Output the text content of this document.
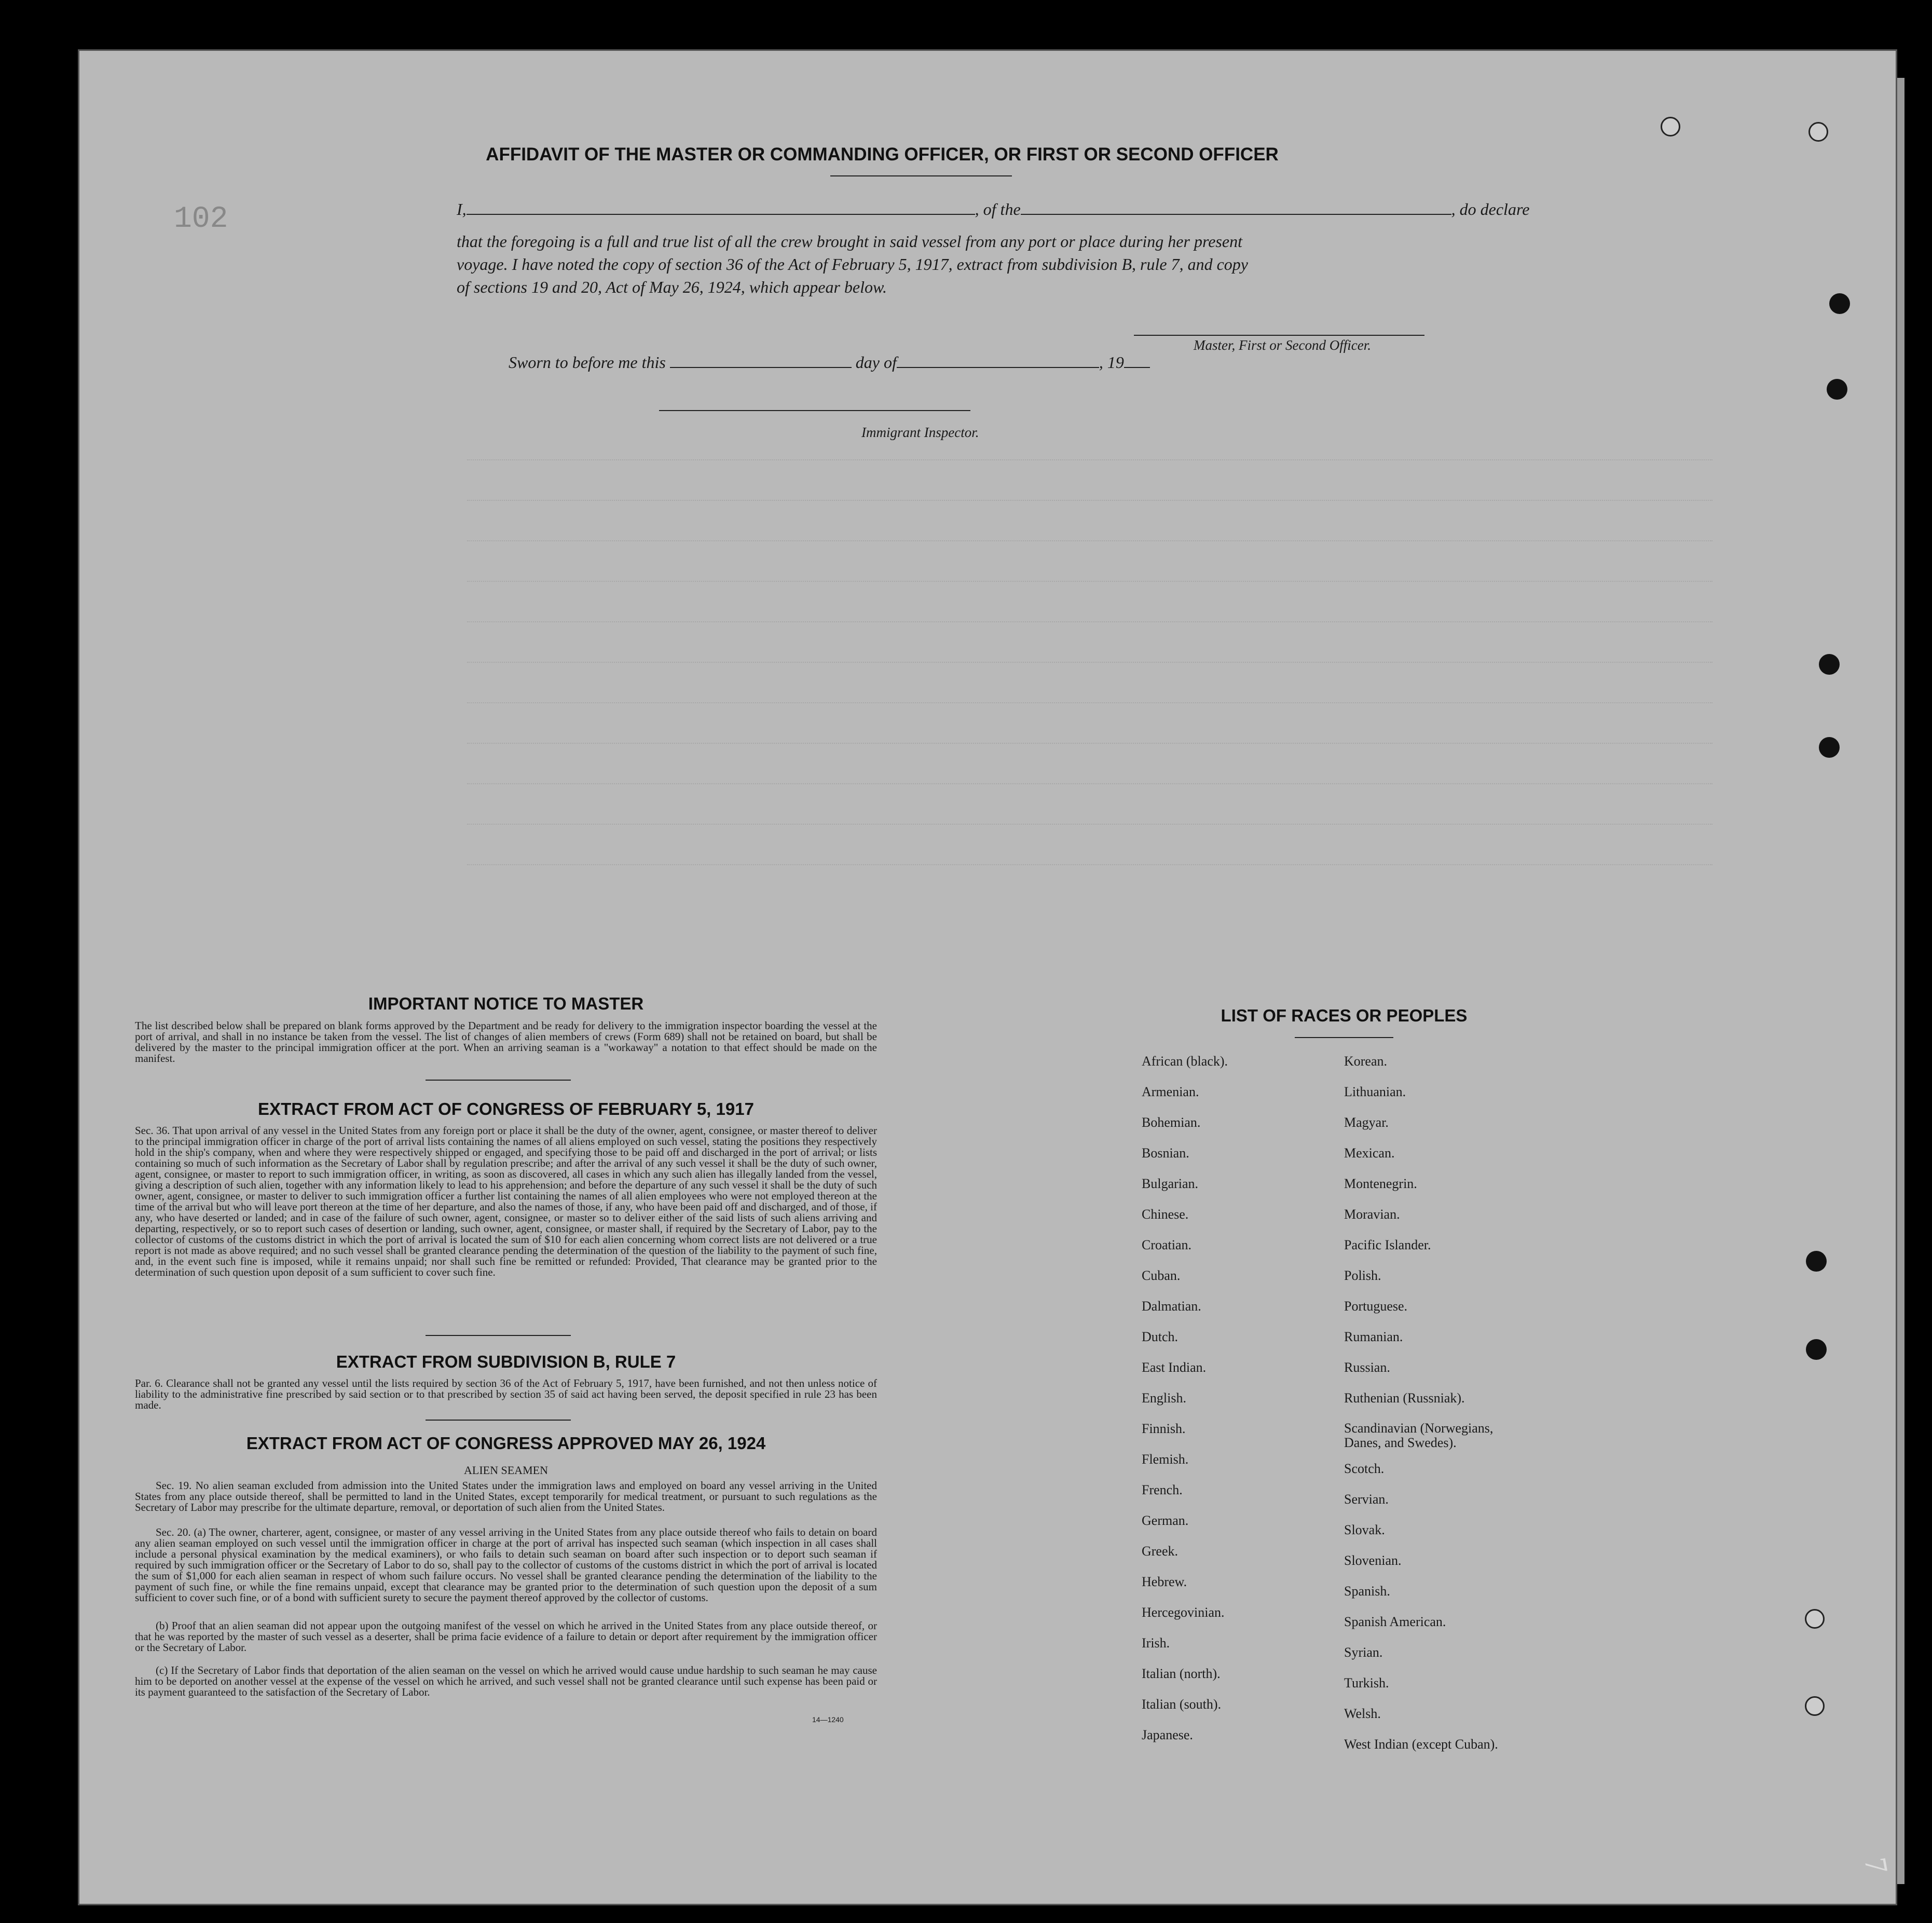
102
7
AFFIDAVIT OF THE MASTER OR COMMANDING OFFICER, OR FIRST OR SECOND OFFICER
I,	, of the	, do declare
that the foregoing is a full and true list of all the crew brought in said vessel from any port or place during her present
voyage. I have noted the copy of section 36 of the Act of February 5, 1917, extract from subdivision B, rule 7, and copy
of sections 19 and 20, Act of May 26, 1924, which appear below.
Master, First or Second Officer.
Sworn to before me this	day of	, 19
Immigrant Inspector.
IMPORTANT NOTICE TO MASTER
The list described below shall be prepared on blank forms approved by the Department and be ready for delivery to the immigration inspector boarding the vessel at the port of arrival, and shall in no instance be taken from the vessel. The list of changes of alien members of crews (Form 689) shall not be retained on board, but shall be delivered by the master to the principal immigration officer at the port. When an arriving seaman is a "workaway" a notation to that effect should be made on the manifest.
EXTRACT FROM ACT OF CONGRESS OF FEBRUARY 5, 1917
Sec. 36. That upon arrival of any vessel in the United States from any foreign port or place it shall be the duty of the owner, agent, consignee, or master thereof to deliver to the principal immigration officer in charge of the port of arrival lists containing the names of all aliens employed on such vessel, stating the positions they respectively hold in the ship's company, when and where they were respectively shipped or engaged, and specifying those to be paid off and discharged in the port of arrival; or lists containing so much of such information as the Secretary of Labor shall by regulation prescribe; and after the arrival of any such vessel it shall be the duty of such owner, agent, consignee, or master to report to such immigration officer, in writing, as soon as discovered, all cases in which any such alien has illegally landed from the vessel, giving a description of such alien, together with any information likely to lead to his apprehension; and before the departure of any such vessel it shall be the duty of such owner, agent, consignee, or master to deliver to such immigration officer a further list containing the names of all alien employees who were not employed thereon at the time of the arrival but who will leave port thereon at the time of her departure, and also the names of those, if any, who have been paid off and discharged, and of those, if any, who have deserted or landed; and in case of the failure of such owner, agent, consignee, or master so to deliver either of the said lists of such aliens arriving and departing, respectively, or so to report such cases of desertion or landing, such owner, agent, consignee, or master shall, if required by the Secretary of Labor, pay to the collector of customs of the customs district in which the port of arrival is located the sum of $10 for each alien concerning whom correct lists are not delivered or a true report is not made as above required; and no such vessel shall be granted clearance pending the determination of the question of the liability to the payment of such fine, and, in the event such fine is imposed, while it remains unpaid; nor shall such fine be remitted or refunded: Provided, That clearance may be granted prior to the determination of such question upon deposit of a sum sufficient to cover such fine.
EXTRACT FROM SUBDIVISION B, RULE 7
Par. 6. Clearance shall not be granted any vessel until the lists required by section 36 of the Act of February 5, 1917, have been furnished, and not then unless notice of liability to the administrative fine prescribed by said section or to that prescribed by section 35 of said act having been served, the deposit specified in rule 23 has been made.
EXTRACT FROM ACT OF CONGRESS APPROVED MAY 26, 1924
ALIEN SEAMEN
Sec. 19. No alien seaman excluded from admission into the United States under the immigration laws and employed on board any vessel arriving in the United States from any place outside thereof, shall be permitted to land in the United States, except temporarily for medical treatment, or pursuant to such regulations as the Secretary of Labor may prescribe for the ultimate departure, removal, or deportation of such alien from the United States.
Sec. 20. (a) The owner, charterer, agent, consignee, or master of any vessel arriving in the United States from any place outside thereof who fails to detain on board any alien seaman employed on such vessel until the immigration officer in charge at the port of arrival has inspected such seaman (which inspection in all cases shall include a personal physical examination by the medical examiners), or who fails to detain such seaman on board after such inspection or to deport such seaman if required by such immigration officer or the Secretary of Labor to do so, shall pay to the collector of customs of the customs district in which the port of arrival is located the sum of $1,000 for each alien seaman in respect of whom such failure occurs. No vessel shall be granted clearance pending the determination of the liability to the payment of such fine, or while the fine remains unpaid, except that clearance may be granted prior to the determination of such question upon the deposit of a sum sufficient to cover such fine, or of a bond with sufficient surety to secure the payment thereof approved by the collector of customs.
(b) Proof that an alien seaman did not appear upon the outgoing manifest of the vessel on which he arrived in the United States from any place outside thereof, or that he was reported by the master of such vessel as a deserter, shall be prima facie evidence of a failure to detain or deport after requirement by the immigration officer or the Secretary of Labor.
(c) If the Secretary of Labor finds that deportation of the alien seaman on the vessel on which he arrived would cause undue hardship to such seaman he may cause him to be deported on another vessel at the expense of the vessel on which he arrived, and such vessel shall not be granted clearance until such expense has been paid or its payment guaranteed to the satisfaction of the Secretary of Labor.
14—1240
LIST OF RACES OR PEOPLES
African (black).
Armenian.
Bohemian.
Bosnian.
Bulgarian.
Chinese.
Croatian.
Cuban.
Dalmatian.
Dutch.
East Indian.
English.
Finnish.
Flemish.
French.
German.
Greek.
Hebrew.
Hercegovinian.
Irish.
Italian (north).
Italian (south).
Japanese.
Korean.
Lithuanian.
Magyar.
Mexican.
Montenegrin.
Moravian.
Pacific Islander.
Polish.
Portuguese.
Rumanian.
Russian.
Ruthenian (Russniak).
Scandinavian (Norwegians, Danes, and Swedes).
Scotch.
Servian.
Slovak.
Slovenian.
Spanish.
Spanish American.
Syrian.
Turkish.
Welsh.
West Indian (except Cuban).
